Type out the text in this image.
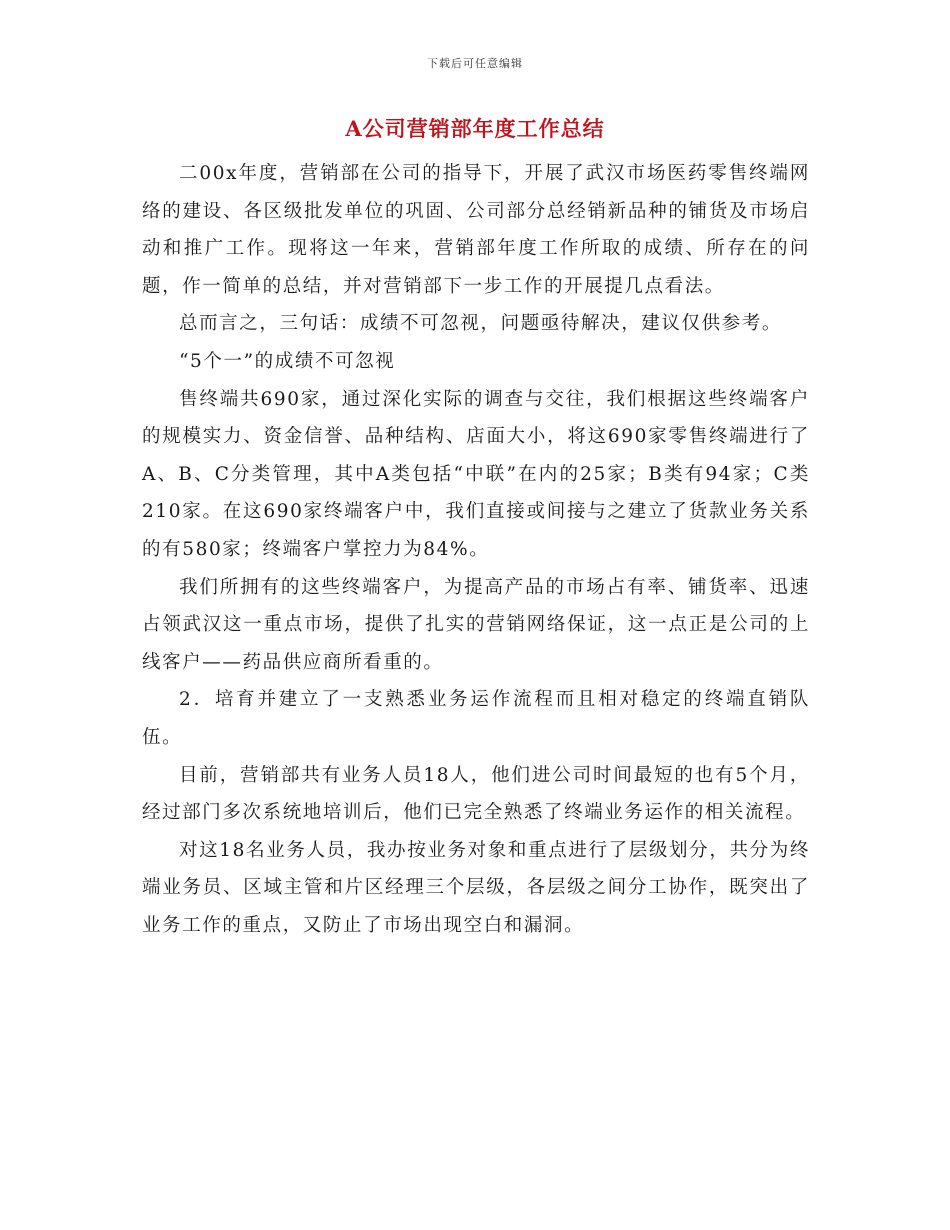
下载后可任意编辑
A公司营销部年度工作总结

二00x年度，营销部在公司的指导下，开展了武汉市场医药零售终端网络的建设、各区级批发单位的巩固、公司部分总经销新品种的铺货及市场启动和推广工作。现将这一年来，营销部年度工作所取的成绩、所存在的问题，作一简单的总结，并对营销部下一步工作的开展提几点看法。

总而言之，三句话：成绩不可忽视，问题亟待解决，建议仅供参考。

“5个一”的成绩不可忽视

售终端共690家，通过深化实际的调查与交往，我们根据这些终端客户的规模实力、资金信誉、品种结构、店面大小，将这690家零售终端进行了A、B、C分类管理，其中A类包括“中联”在内的25家；B类有94家；C类210家。在这690家终端客户中，我们直接或间接与之建立了货款业务关系的有580家；终端客户掌控力为84%。

我们所拥有的这些终端客户，为提高产品的市场占有率、铺货率、迅速占领武汉这一重点市场，提供了扎实的营销网络保证，这一点正是公司的上线客户——药品供应商所看重的。

2．培育并建立了一支熟悉业务运作流程而且相对稳定的终端直销队伍。

目前，营销部共有业务人员18人，他们进公司时间最短的也有5个月，经过部门多次系统地培训后，他们已完全熟悉了终端业务运作的相关流程。

对这18名业务人员，我办按业务对象和重点进行了层级划分，共分为终端业务员、区域主管和片区经理三个层级，各层级之间分工协作，既突出了业务工作的重点，又防止了市场出现空白和漏洞。
